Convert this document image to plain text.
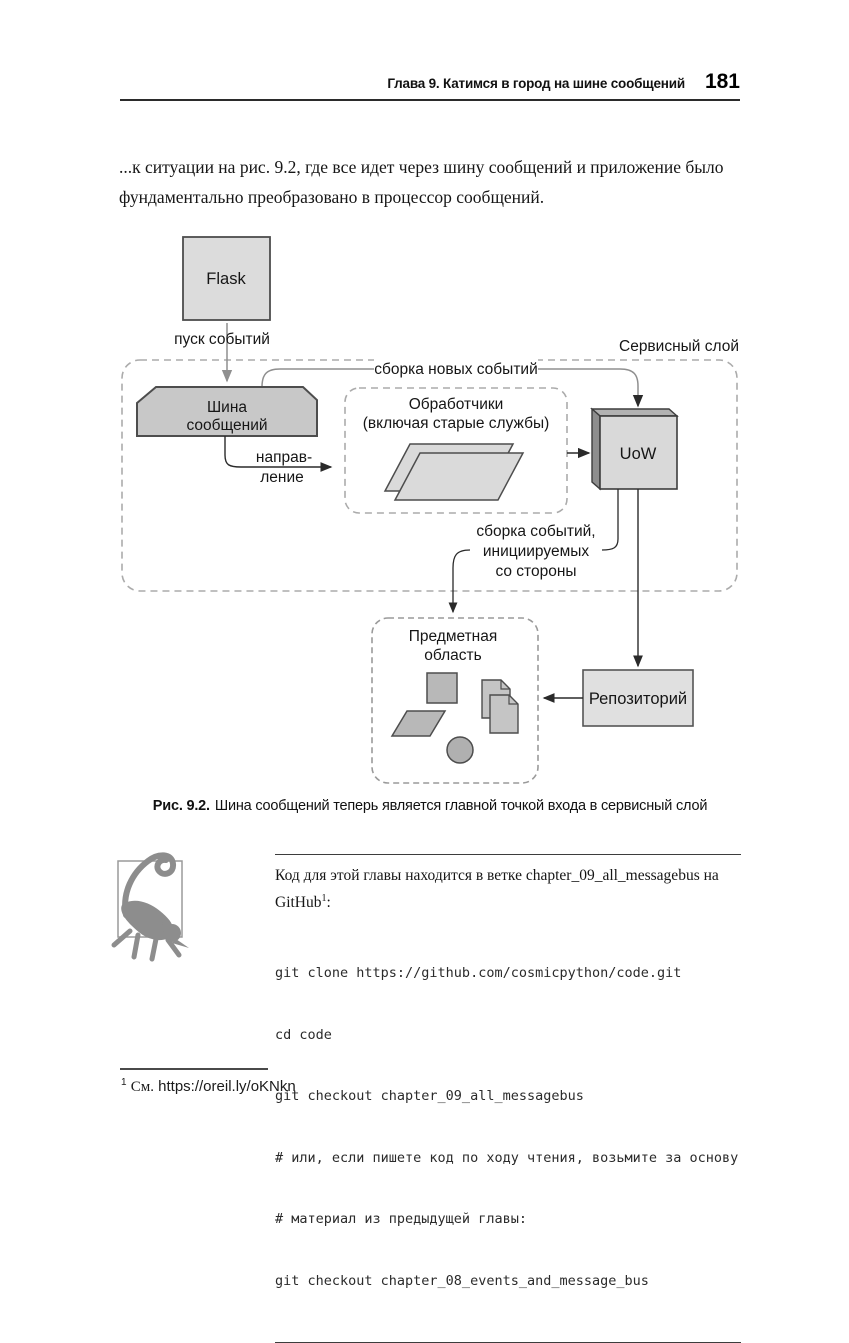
Глава 9. Катимся в город на шине сообщений 181
...к ситуации на рис. 9.2, где все идет через шину сообщений и приложение было фундаментально преобразовано в процессор сообщений.
Сервисный слой
сборка новых событий
пуск событий
Flask
Шина
сообщений
направ-
ление
Обработчики
(включая старые службы)
UoW
сборка событий,
инициируемых
со стороны
Предметная
область
Репозиторий
Рис. 9.2. Шина сообщений теперь является главной точкой входа в сервисный слой
Код для этой главы находится в ветке chapter_09_all_messagebus на
GitHub$^1$:

git clone https://github.com/cosmicpython/code.git

cd code

git checkout chapter_09_all_messagebus

# или, если пишете код по ходу чтения, возьмите за основу

# материал из предыдущей главы:

git checkout chapter_08_events_and_message_bus

$^1$ См. https://oreil.ly/oKNkn
